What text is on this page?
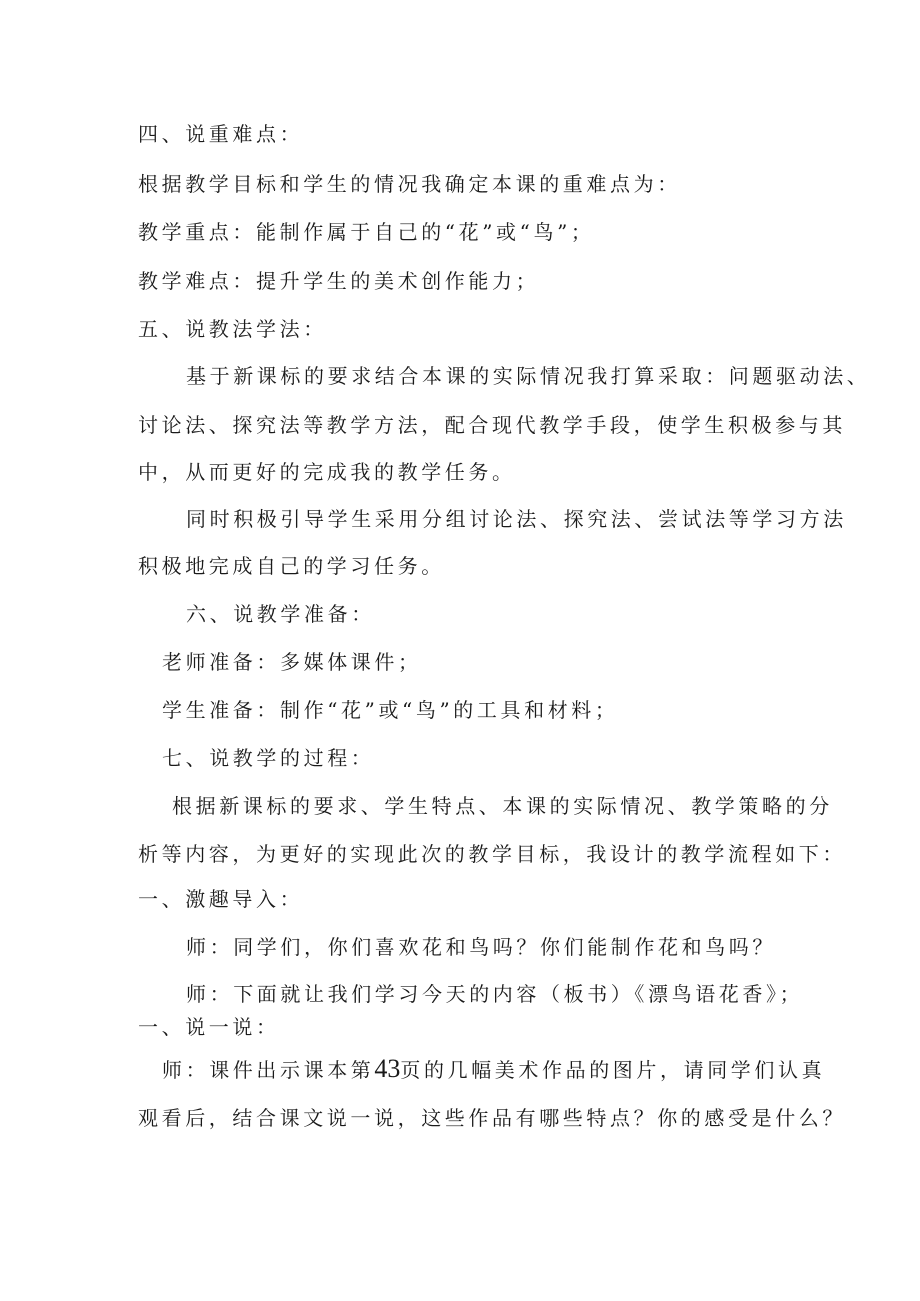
四、说重难点：
根据教学目标和学生的情况我确定本课的重难点为：
教学重点：能制作属于自己的“花”或“鸟”；
教学难点：提升学生的美术创作能力；
五、说教法学法：
基于新课标的要求结合本课的实际情况我打算采取：问题驱动法、
讨论法、探究法等教学方法，配合现代教学手段，使学生积极参与其
中，从而更好的完成我的教学任务。
同时积极引导学生采用分组讨论法、探究法、尝试法等学习方法
积极地完成自己的学习任务。
六、说教学准备：
老师准备：多媒体课件；
学生准备：制作“花”或“鸟”的工具和材料；
七、说教学的过程：
根据新课标的要求、学生特点、本课的实际情况、教学策略的分
析等内容，为更好的实现此次的教学目标，我设计的教学流程如下：
一、激趣导入：
师：同学们，你们喜欢花和鸟吗？你们能制作花和鸟吗？
师：下面就让我们学习今天的内容（板书）《漂鸟语花香》；
一、说一说：
师：课件出示课本第43页的几幅美术作品的图片，请同学们认真
观看后，结合课文说一说，这些作品有哪些特点？你的感受是什么？
